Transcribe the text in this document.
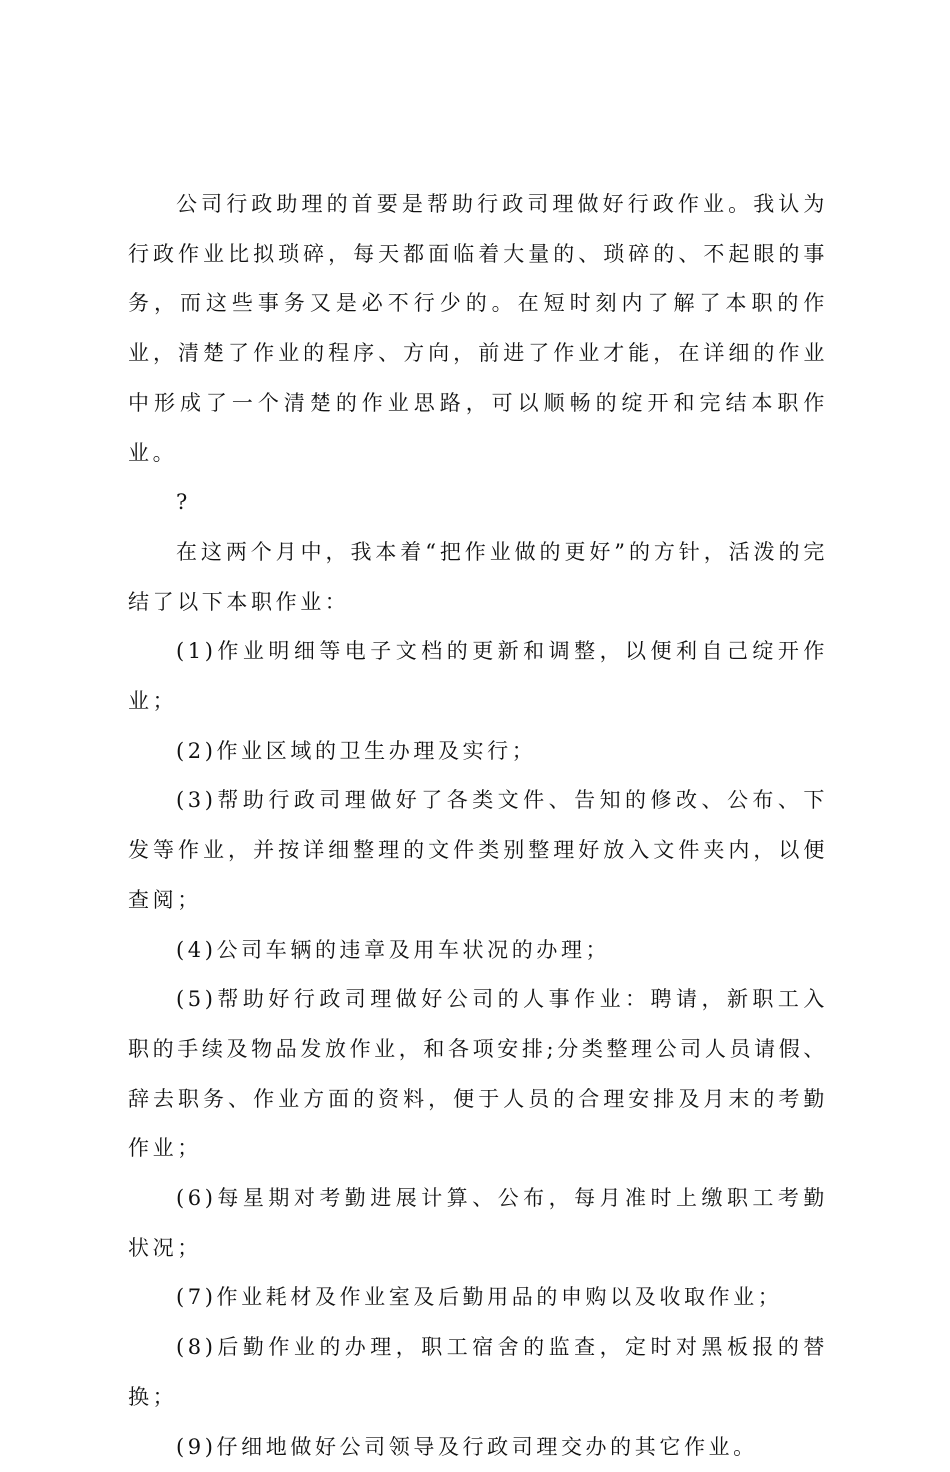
公司行政助理的首要是帮助行政司理做好行政作业。我认为行政作业比拟琐碎，每天都面临着大量的、琐碎的、不起眼的事务，而这些事务又是必不行少的。在短时刻内了解了本职的作业，清楚了作业的程序、方向，前进了作业才能，在详细的作业中形成了一个清楚的作业思路，可以顺畅的绽开和完结本职作业。

?

在这两个月中，我本着“把作业做的更好”的方针，活泼的完结了以下本职作业：

(1)作业明细等电子文档的更新和调整，以便利自己绽开作业；

(2)作业区域的卫生办理及实行；

(3)帮助行政司理做好了各类文件、告知的修改、公布、下发等作业，并按详细整理的文件类别整理好放入文件夹内，以便查阅；

(4)公司车辆的违章及用车状况的办理；

(5)帮助好行政司理做好公司的人事作业：聘请，新职工入职的手续及物品发放作业，和各项安排;分类整理公司人员请假、辞去职务、作业方面的资料，便于人员的合理安排及月末的考勤作业；

(6)每星期对考勤进展计算、公布，每月准时上缴职工考勤状况；

(7)作业耗材及作业室及后勤用品的申购以及收取作业；

(8)后勤作业的办理，职工宿舍的监查，定时对黑板报的替换；

(9)仔细地做好公司领导及行政司理交办的其它作业。
